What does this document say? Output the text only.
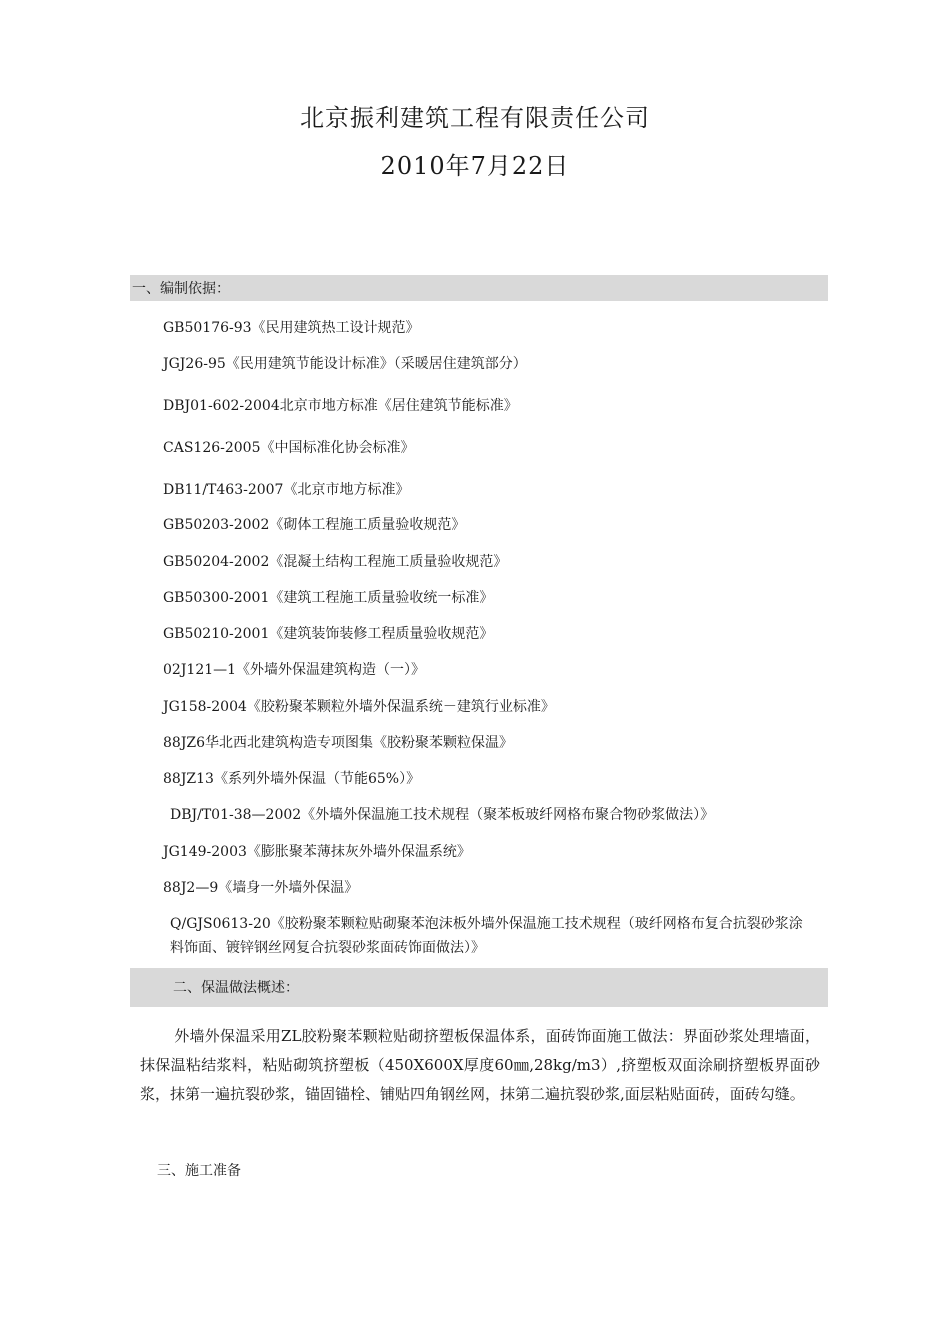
北京振利建筑工程有限责任公司
2010年7月22日
一、编制依据：
GB50176-93《民用建筑热工设计规范》
JGJ26-95《民用建筑节能设计标准》（采暖居住建筑部分）
DBJ01-602-2004北京市地方标准《居住建筑节能标准》
CAS126-2005《中国标准化协会标准》
DB11/T463-2007《北京市地方标准》
GB50203-2002《砌体工程施工质量验收规范》
GB50204-2002《混凝土结构工程施工质量验收规范》
GB50300-2001《建筑工程施工质量验收统一标准》
GB50210-2001《建筑装饰装修工程质量验收规范》
02J121—1《外墙外保温建筑构造（一）》
JG158-2004《胶粉聚苯颗粒外墙外保温系统－建筑行业标准》
88JZ6华北西北建筑构造专项图集《胶粉聚苯颗粒保温》
88JZ13《系列外墙外保温（节能65%）》
DBJ/T01-38—2002《外墙外保温施工技术规程（聚苯板玻纤网格布聚合物砂浆做法）》
JG149-2003《膨胀聚苯薄抹灰外墙外保温系统》
88J2—9《墙身一外墙外保温》
Q/GJS0613-20《胶粉聚苯颗粒贴砌聚苯泡沫板外墙外保温施工技术规程（玻纤网格布复合抗裂砂浆涂料饰面、镀锌钢丝网复合抗裂砂浆面砖饰面做法）》
二、保温做法概述：
外墙外保温采用ZL胶粉聚苯颗粒贴砌挤塑板保温体系，面砖饰面施工做法：界面砂浆处理墙面，抹保温粘结浆料，粘贴砌筑挤塑板（450X600X厚度60㎜,28kg/m3）,挤塑板双面涂刷挤塑板界面砂浆，抹第一遍抗裂砂浆，锚固锚栓、铺贴四角钢丝网，抹第二遍抗裂砂浆,面层粘贴面砖，面砖勾缝。
三、施工准备
